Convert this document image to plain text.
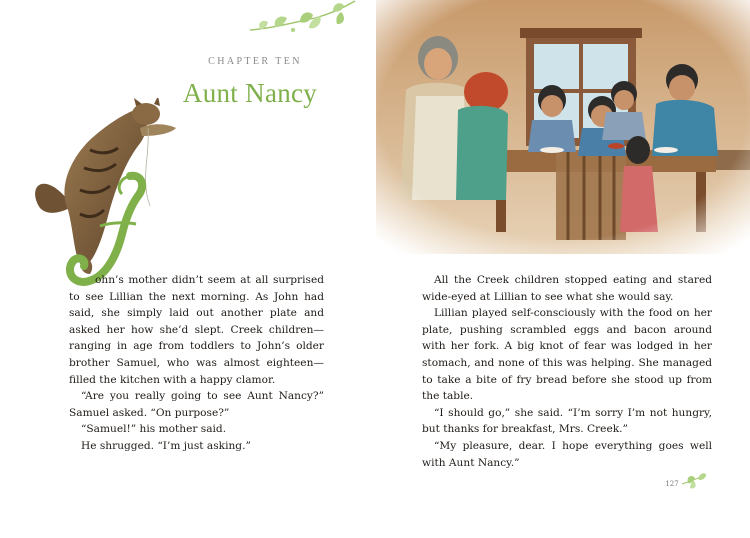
CHAPTER TEN
Aunt Nancy

ohn’s mother didn’t seem at all surprised to see Lillian the next morning. As John had said, she simply laid out another plate and asked her how she’d slept. Creek children—ranging in age from toddlers to John’s older brother Samuel, who was almost eighteen—filled the kitchen with a happy clamor.

“Are you really going to see Aunt Nancy?” Samuel asked. “On purpose?”

“Samuel!” his mother said.

He shrugged. “I’m just asking.”

All the Creek children stopped eating and stared wide-eyed at Lillian to see what she would say.

Lillian played self-consciously with the food on her plate, pushing scrambled eggs and bacon around with her fork. A big knot of fear was lodged in her stomach, and none of this was helping. She managed to take a bite of fry bread before she stood up from the table.

“I should go,” she said. “I’m sorry I’m not hungry, but thanks for breakfast, Mrs. Creek.”

“My pleasure, dear. I hope everything goes well with Aunt Nancy.”

127
